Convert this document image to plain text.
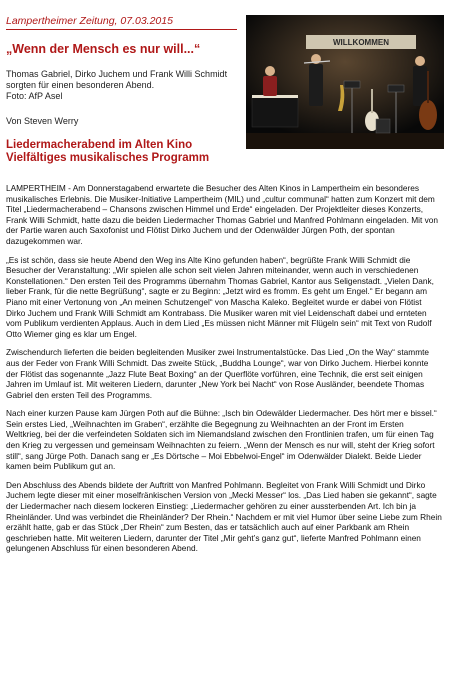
Lampertheimer Zeitung, 07.03.2015
„Wenn der Mensch es nur will...“
Thomas Gabriel, Dirko Juchem und Frank Willi Schmidt sorgten für einen besonderen Abend.
Foto: AfP Asel
Von Steven Werry
Liedermacherabend im Alten Kino
Vielfältiges musikalisches Programm
WILLKOMMEN

LAMPERTHEIM - Am Donnerstagabend erwartete die Besucher des Alten Kinos in Lampertheim ein besonderes musikalisches Erlebnis. Die Musiker-Initiative Lampertheim (MIL) und „cultur communal“ hatten zum Konzert mit dem Titel „Liedermacherabend – Chansons zwischen Himmel und Erde“ eingeladen. Der Projektleiter dieses Konzerts, Frank Willi Schmidt, hatte dazu die beiden Liedermacher Thomas Gabriel und Manfred Pohlmann eingeladen. Mit von der Partie waren auch Saxofonist und Flötist Dirko Juchem und der Odenwälder Jürgen Poth, der spontan dazugekommen war.

„Es ist schön, dass sie heute Abend den Weg ins Alte Kino gefunden haben“, begrüßte Frank Willi Schmidt die Besucher der Veranstaltung: „Wir spielen alle schon seit vielen Jahren miteinander, wenn auch in verschiedenen Konstellationen.“ Den ersten Teil des Programms übernahm Thomas Gabriel, Kantor aus Seligenstadt. „Vielen Dank, lieber Frank, für die nette Begrüßung“, sagte er zu Beginn: „Jetzt wird es fromm. Es geht um Engel.“ Er begann am Piano mit einer Vertonung von „An meinen Schutzengel“ von Mascha Kaleko. Begleitet wurde er dabei von Flötist Dirko Juchem und Frank Willi Schmidt am Kontrabass. Die Musiker waren mit viel Leidenschaft dabei und ernteten vom Publikum verdienten Applaus. Auch in dem Lied „Es müssen nicht Männer mit Flügeln sein“ mit Text von Rudolf Otto Wiemer ging es klar um Engel.

Zwischendurch lieferten die beiden begleitenden Musiker zwei Instrumentalstücke. Das Lied „On the Way“ stammte aus der Feder von Frank Willi Schmidt. Das zweite Stück, „Buddha Lounge“, war von Dirko Juchem. Hierbei konnte der Flötist das sogenannte „Jazz Flute Beat Boxing“ an der Querflöte vorführen, eine Technik, die erst seit einigen Jahren im Umlauf ist. Mit weiteren Liedern, darunter „New York bei Nacht“ von Rose Ausländer, beendete Thomas Gabriel den ersten Teil des Programms.

Nach einer kurzen Pause kam Jürgen Poth auf die Bühne: „Isch bin Odewälder Liedermacher. Des hört mer e bissel.“ Sein erstes Lied, „Weihnachten im Graben“, erzählte die Begegnung zu Weihnachten an der Front im Ersten Weltkrieg, bei der die verfeindeten Soldaten sich im Niemandsland zwischen den Frontlinien trafen, um für einen Tag den Krieg zu vergessen und gemeinsam Weihnachten zu feiern. „Wenn der Mensch es nur will, steht der Krieg sofort still“, sang Jürge Poth. Danach sang er „Es Dörtsche – Moi Ebbelwoi-Engel“ im Odenwälder Dialekt. Beide Lieder kamen beim Publikum gut an.

Den Abschluss des Abends bildete der Auftritt von Manfred Pohlmann. Begleitet von Frank Willi Schmidt und Dirko Juchem legte dieser mit einer moselfränkischen Version von „Mecki Messer“ los. „Das Lied haben sie gekannt“, sagte der Liedermacher nach diesem lockeren Einstieg: „Liedermacher gehören zu einer aussterbenden Art. Ich bin ja Rheinländer. Und was verbindet die Rheinländer? Der Rhein.“ Nachdem er mit viel Humor über seine Liebe zum Rhein erzählt hatte, gab er das Stück „Der Rhein“ zum Besten, das er tatsächlich auch auf einer Parkbank am Rhein geschrieben hatte. Mit weiteren Liedern, darunter der Titel „Mir geht’s ganz gut“, lieferte Manfred Pohlmann einen gelungenen Abschluss für einen besonderen Abend.
